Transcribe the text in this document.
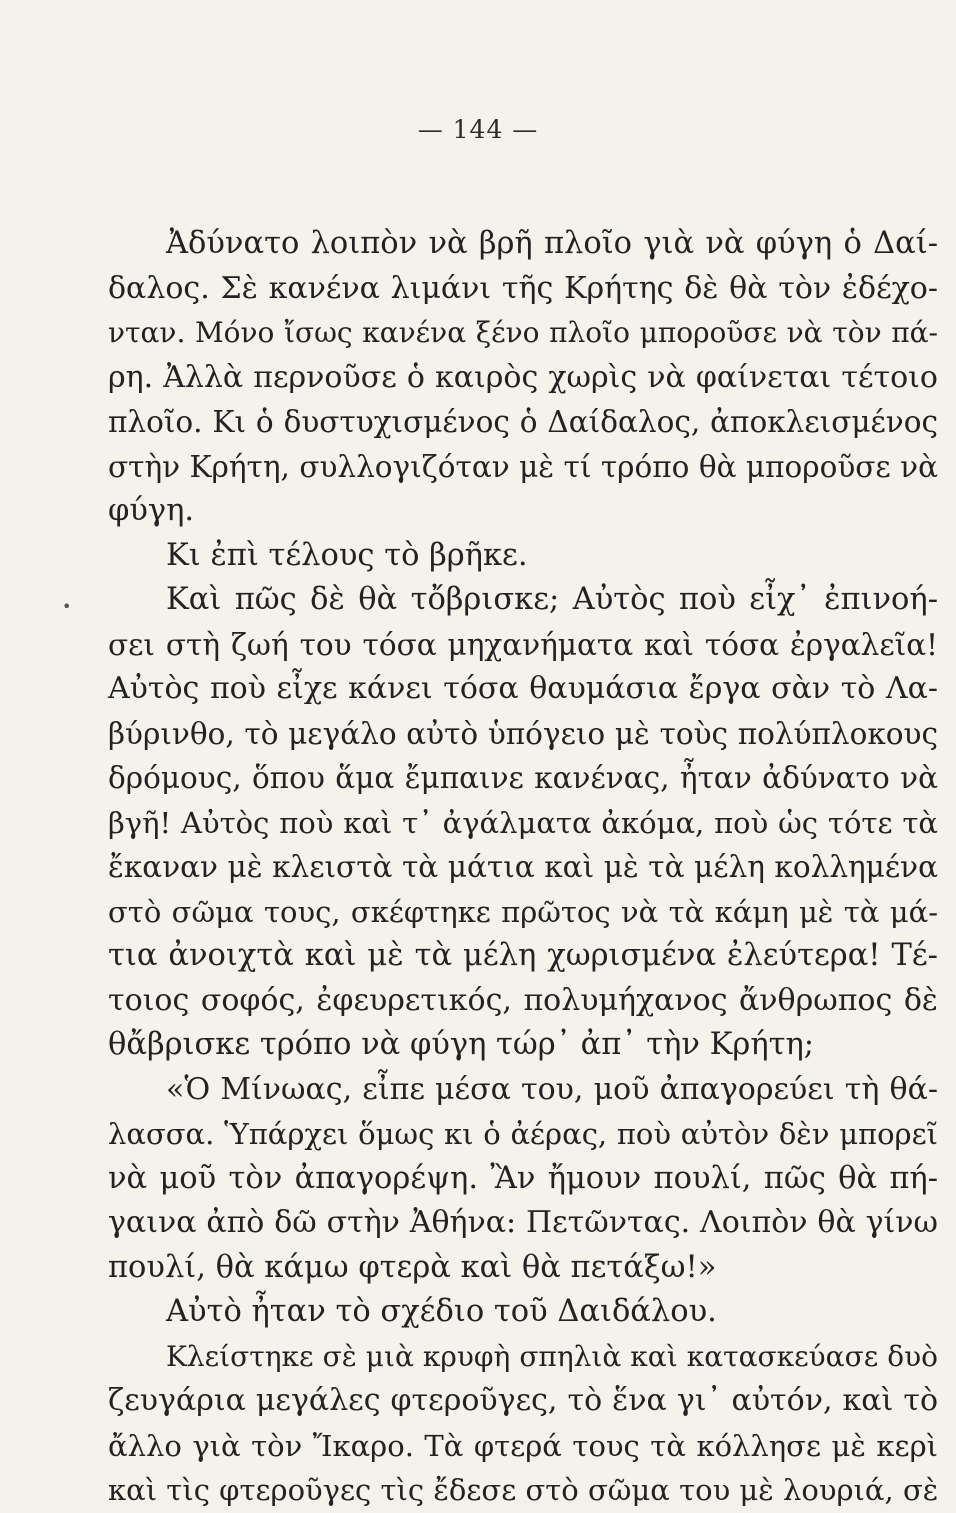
— 144 —
Ἀδύνατο λοιπὸν νὰ βρῆ πλοῖο γιὰ νὰ φύγη ὁ Δαί-
δαλος. Σὲ κανένα λιμάνι τῆς Κρήτης δὲ θὰ τὸν ἐδέχο-
νταν. Μόνο ἴσως κανένα ξένο πλοῖο μποροῦσε νὰ τὸν πά-
ρη. Ἀλλὰ περνοῦσε ὁ καιρὸς χωρὶς νὰ φαίνεται τέτοιο
πλοῖο. Κι ὁ δυστυχισμένος ὁ Δαίδαλος, ἀποκλεισμένος
στὴν Κρήτη, συλλογιζόταν μὲ τί τρόπο θὰ μποροῦσε νὰ
φύγη.
Κι ἐπὶ τέλους τὸ βρῆκε.
Καὶ πῶς δὲ θὰ τὄβρισκε; Αὐτὸς ποὺ εἶχ᾽ ἐπινοή-
σει στὴ ζωή του τόσα μηχανήματα καὶ τόσα ἐργαλεῖα!
Αὐτὸς ποὺ εἶχε κάνει τόσα θαυμάσια ἔργα σὰν τὸ Λα-
βύρινθο, τὸ μεγάλο αὐτὸ ὑπόγειο μὲ τοὺς πολύπλοκους
δρόμους, ὅπου ἅμα ἔμπαινε κανένας, ἦταν ἀδύνατο νὰ
βγῆ! Αὐτὸς ποὺ καὶ τ᾽ ἀγάλματα ἀκόμα, ποὺ ὡς τότε τὰ
ἔκαναν μὲ κλειστὰ τὰ μάτια καὶ μὲ τὰ μέλη κολλημένα
στὸ σῶμα τους, σκέφτηκε πρῶτος νὰ τὰ κάμη μὲ τὰ μά-
τια ἀνοιχτὰ καὶ μὲ τὰ μέλη χωρισμένα ἐλεύτερα! Τέ-
τοιος σοφός, ἐφευρετικός, πολυμήχανος ἄνθρωπος δὲ
θἄβρισκε τρόπο νὰ φύγη τώρ᾽ ἀπ᾽ τὴν Κρήτη;
«Ὁ Μίνωας, εἶπε μέσα του, μοῦ ἀπαγορεύει τὴ θά-
λασσα. Ὑπάρχει ὅμως κι ὁ ἀέρας, ποὺ αὐτὸν δὲν μπορεῖ
νὰ μοῦ τὸν ἀπαγορέψη. Ἂν ἤμουν πουλί, πῶς θὰ πή-
γαινα ἀπὸ δῶ στὴν Ἀθήνα: Πετῶντας. Λοιπὸν θὰ γίνω
πουλί, θὰ κάμω φτερὰ καὶ θὰ πετάξω!»
Αὐτὸ ἦταν τὸ σχέδιο τοῦ Δαιδάλου.
Κλείστηκε σὲ μιὰ κρυφὴ σπηλιὰ καὶ κατασκεύασε δυὸ
ζευγάρια μεγάλες φτεροῦγες, τὸ ἕνα γι᾽ αὐτόν, καὶ τὸ
ἄλλο γιὰ τὸν Ἴκαρο. Τὰ φτερά τους τὰ κόλλησε μὲ κερὶ
καὶ τὶς φτεροῦγες τὶς ἔδεσε στὸ σῶμα του μὲ λουριά, σὲ
•
